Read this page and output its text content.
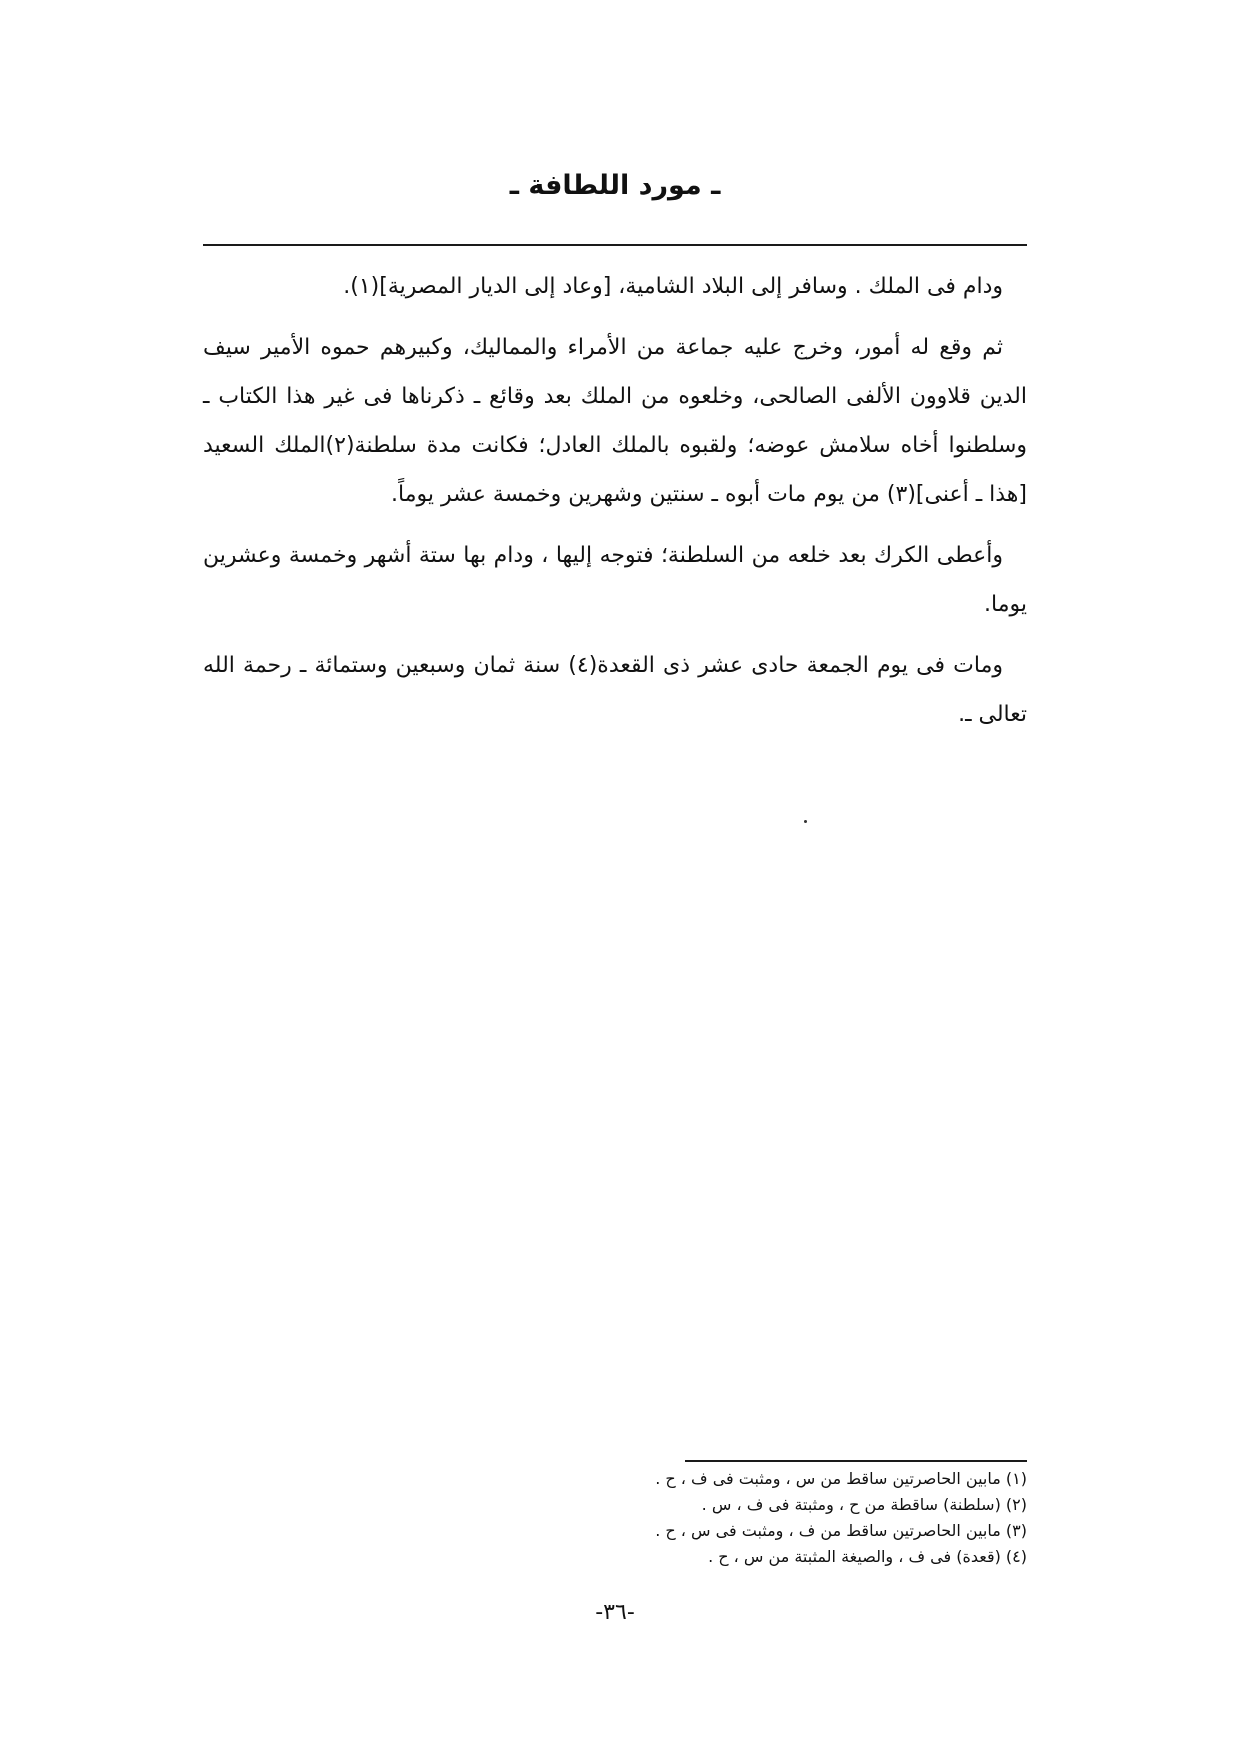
ـ مورد اللطافة ـ

ودام فى الملك . وسافر إلى البلاد الشامية، [وعاد إلى الديار المصرية](١).

ثم وقع له أمور، وخرج عليه جماعة من الأمراء والمماليك، وكبيرهم حموه الأمير سيف الدين قلاوون الألفى الصالحى، وخلعوه من الملك بعد وقائع ـ ذكرناها فى غير هذا الكتاب ـ وسلطنوا أخاه سلامش عوضه؛ ولقبوه بالملك العادل؛ فكانت مدة سلطنة(٢)الملك السعيد [هذا ـ أعنى](٣) من يوم مات أبوه ـ سنتين وشهرين وخمسة عشر يوماً.

وأعطى الكرك بعد خلعه من السلطنة؛ فتوجه إليها ، ودام بها ستة أشهر وخمسة وعشرين يوما.

ومات فى يوم الجمعة حادى عشر ذى القعدة(٤) سنة ثمان وسبعين وستمائة ـ رحمة الله تعالى ـ.

(١) مابين الحاصرتين ساقط من س ، ومثبت فى ف ، ح .
(٢) (سلطنة) ساقطة من ح ، ومثبتة فى ف ، س .
(٣) مابين الحاصرتين ساقط من ف ، ومثبت فى س ، ح .
(٤) (قعدة) فى ف ، والصيغة المثبتة من س ، ح .
-٣٦-
